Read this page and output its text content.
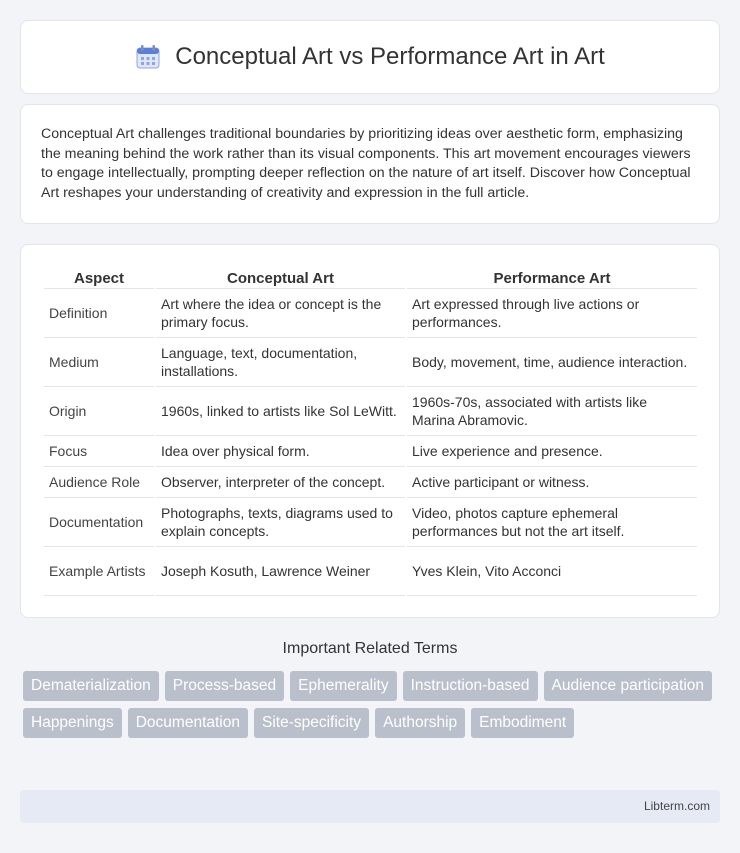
Conceptual Art vs Performance Art in Art

Conceptual Art challenges traditional boundaries by prioritizing ideas over aesthetic form, emphasizing the meaning behind the work rather than its visual components. This art movement encourages viewers to engage intellectually, prompting deeper reflection on the nature of art itself. Discover how Conceptual Art reshapes your understanding of creativity and expression in the full article.

Aspect	Conceptual Art	Performance Art
Definition	Art where the idea or concept is the primary focus.	Art expressed through live actions or performances.
Medium	Language, text, documentation, installations.	Body, movement, time, audience interaction.
Origin	1960s, linked to artists like Sol LeWitt.	1960s-70s, associated with artists like Marina Abramovic.
Focus	Idea over physical form.	Live experience and presence.
Audience Role	Observer, interpreter of the concept.	Active participant or witness.
Documentation	Photographs, texts, diagrams used to explain concepts.	Video, photos capture ephemeral performances but not the art itself.
Example Artists	Joseph Kosuth, Lawrence Weiner	Yves Klein, Vito Acconci
Important Related Terms
Dematerialization	Process-based	Ephemerality	Instruction-based	Audience participation
Happenings	Documentation	Site-specificity	Authorship	Embodiment
Libterm.com
